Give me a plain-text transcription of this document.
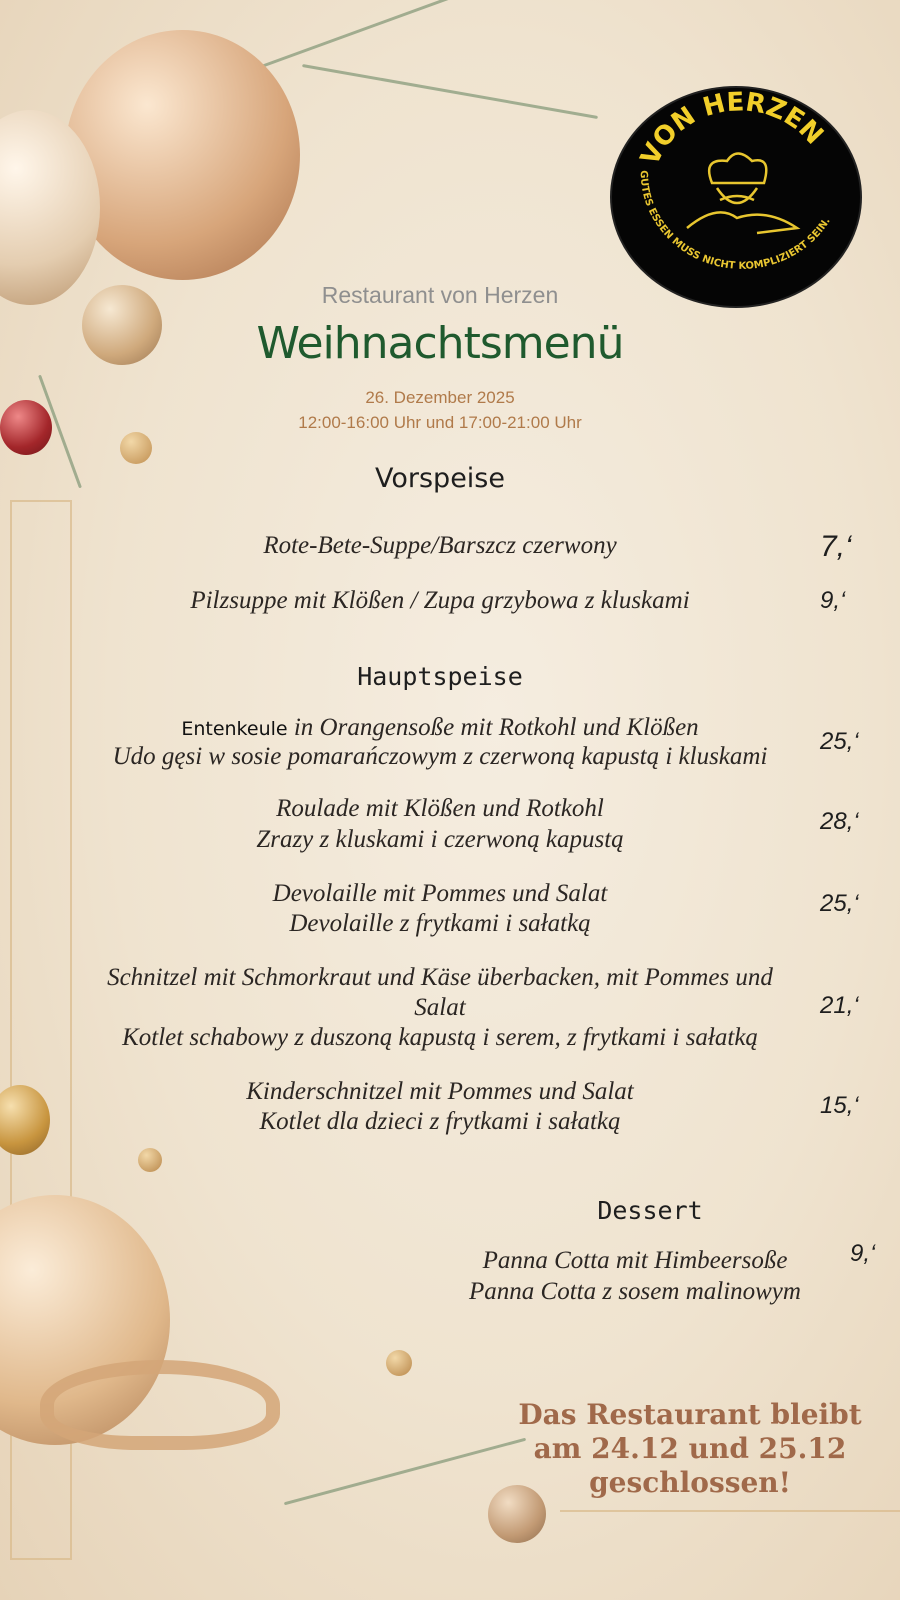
VON HERZEN
GUTES ESSEN MUSS NICHT KOMPLIZIERT SEIN.
Restaurant von Herzen
Weihnachtsmenü
26. Dezember 2025
12:00-16:00 Uhr und 17:00-21:00 Uhr
Vorspeise
Rote-Bete-Suppe/Barszcz czerwony	7,‘
Pilzsuppe mit Klößen / Zupa grzybowa z kluskami	9,‘
Hauptspeise
Entenkeule in Orangensoße mit Rotkohl und Klößen
Udo gęsi w sosie pomarańczowym z czerwoną kapustą i kluskami
25,‘
Roulade mit Klößen und Rotkohl
Zrazy z kluskami i czerwoną kapustą
28,‘
Devolaille mit Pommes und Salat
Devolaille z frytkami i sałatką
25,‘
Schnitzel mit Schmorkraut und Käse überbacken, mit Pommes und
Salat
Kotlet schabowy z duszoną kapustą i serem, z frytkami i sałatką
21,‘
Kinderschnitzel mit Pommes und Salat
Kotlet dla dzieci z frytkami i sałatką
15,‘
Dessert
Panna Cotta mit Himbeersoße
Panna Cotta z sosem malinowym
9,‘
Das Restaurant bleibt
am 24.12 und 25.12
geschlossen!
